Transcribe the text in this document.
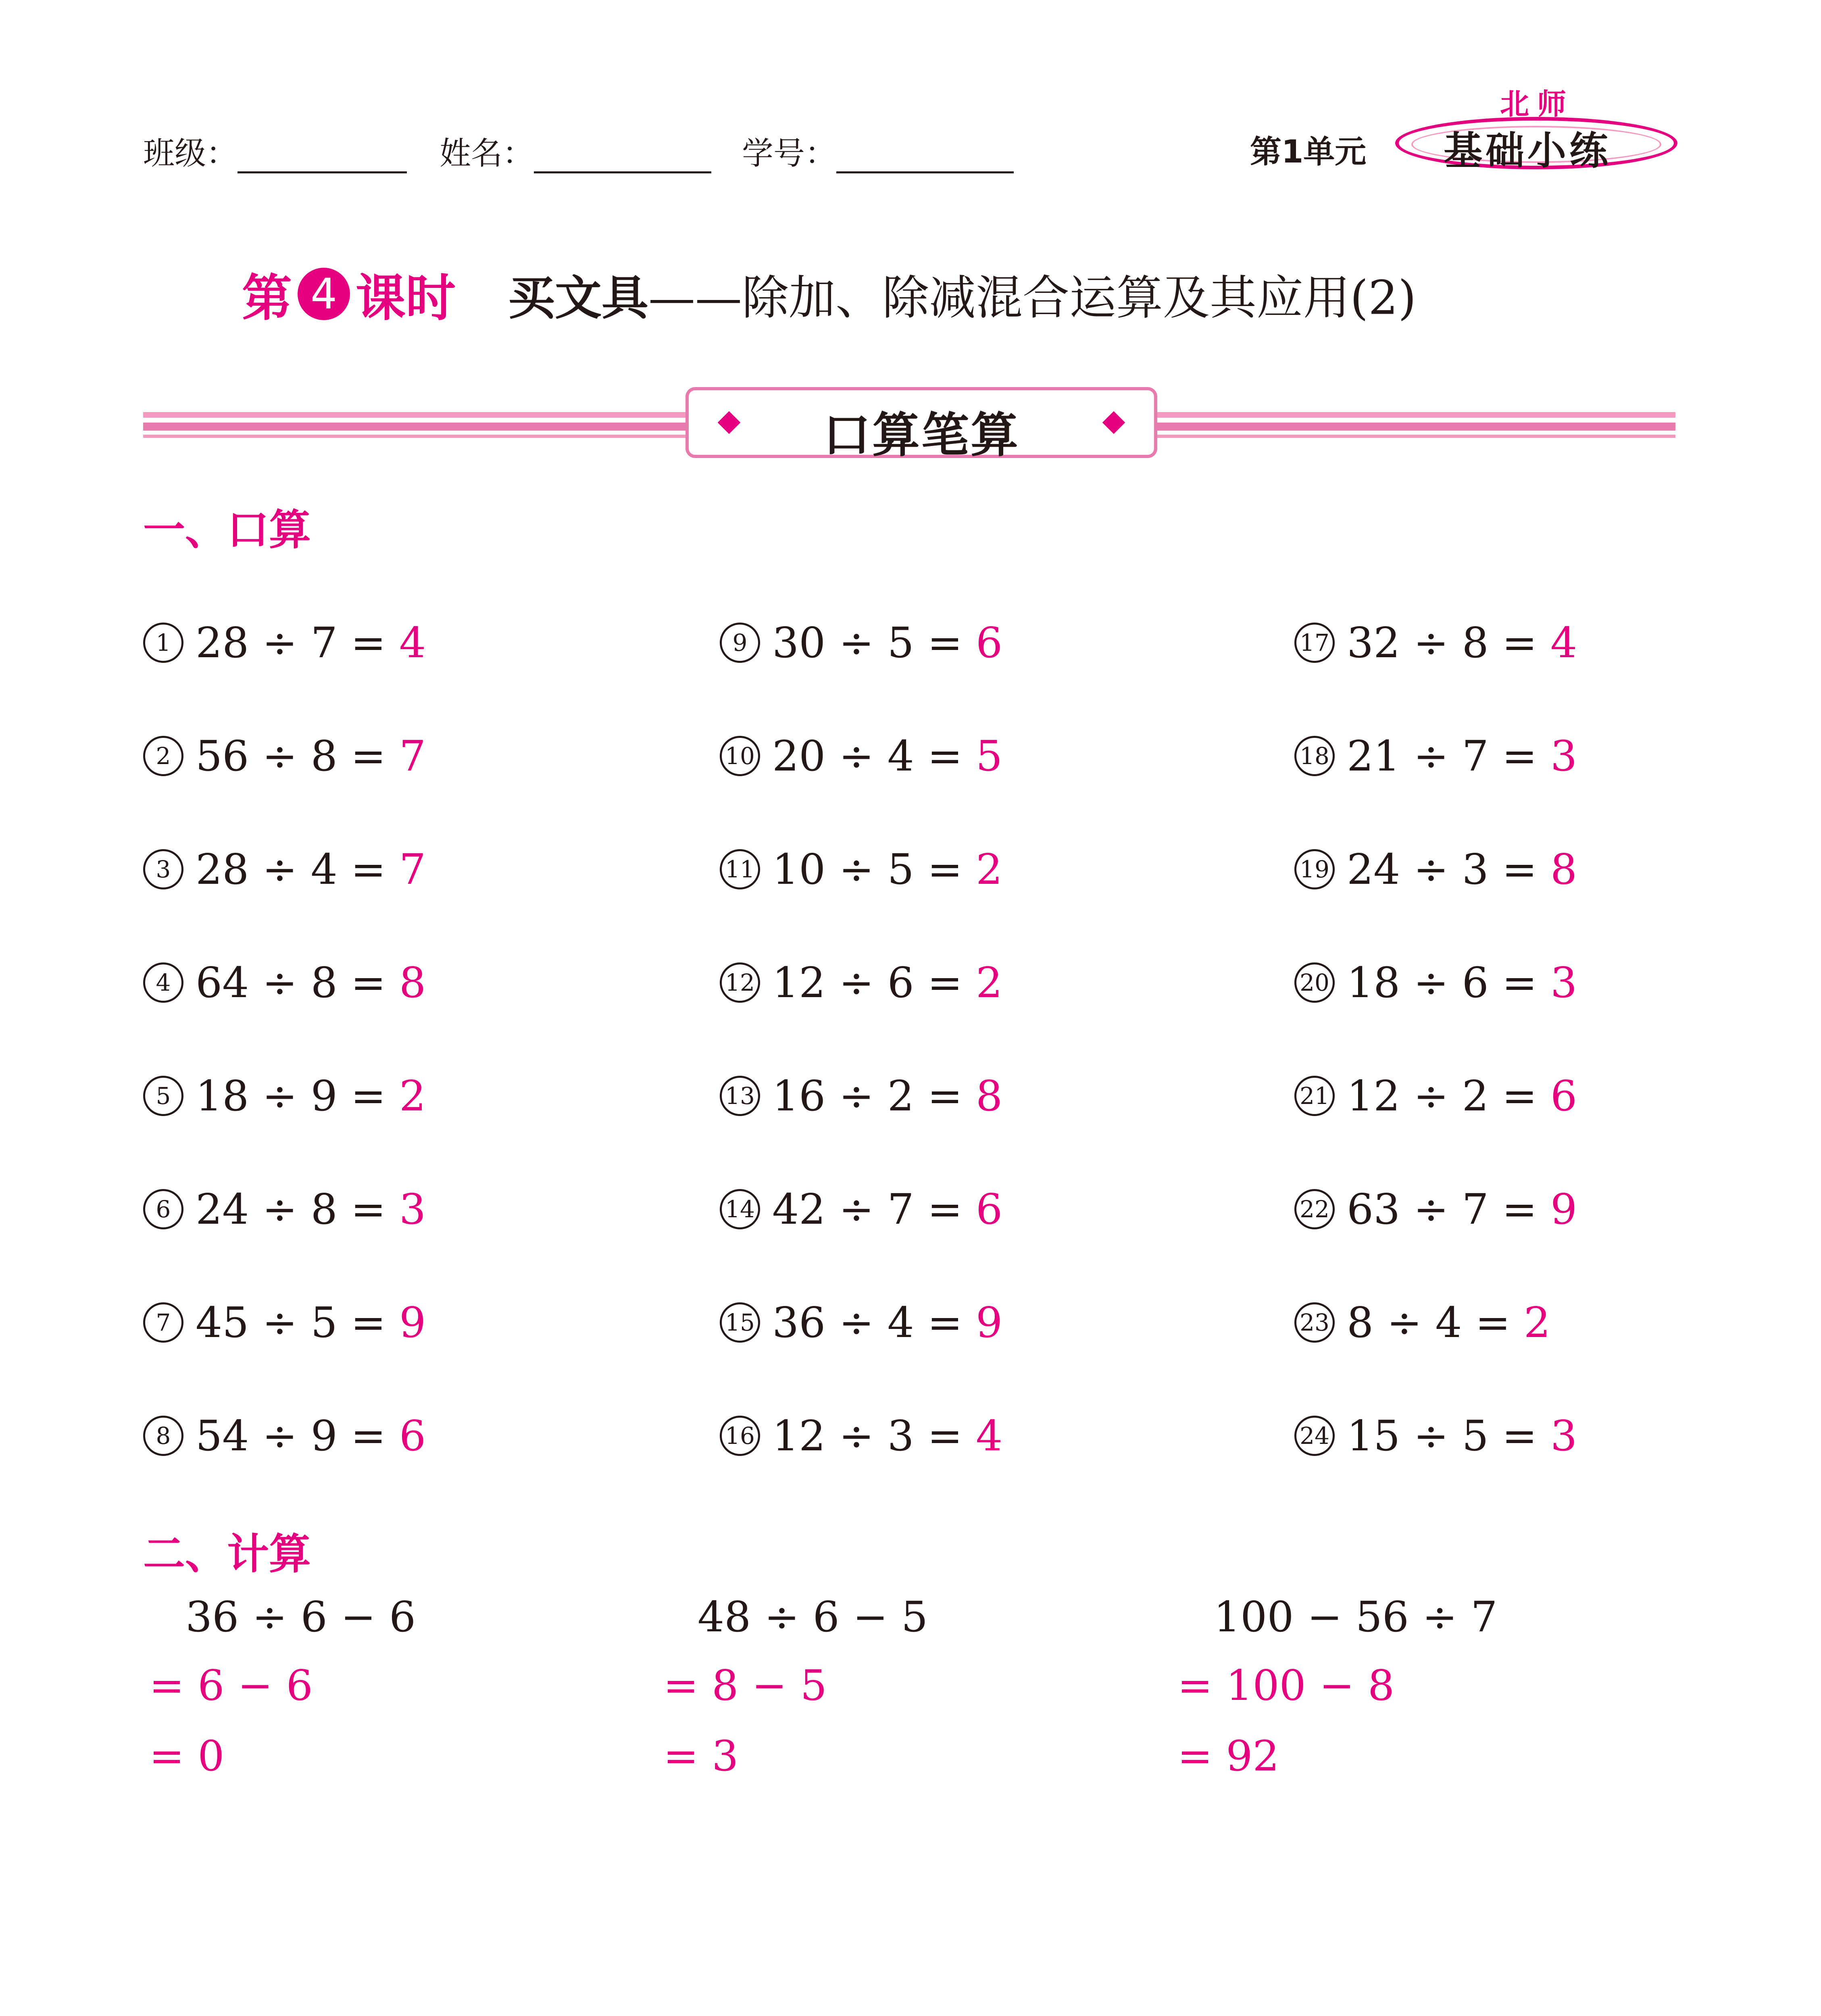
班级：	姓名：	学号：	第1单元
北师
基础小练
第 4 课时 买文具——除加、除减混合运算及其应用(2)
口算笔算
一、口算
1 28 ÷ 7 = 4
2 56 ÷ 8 = 7
3 28 ÷ 4 = 7
4 64 ÷ 8 = 8
5 18 ÷ 9 = 2
6 24 ÷ 8 = 3
7 45 ÷ 5 = 9
8 54 ÷ 9 = 6
9 30 ÷ 5 = 6
10 20 ÷ 4 = 5
11 10 ÷ 5 = 2
12 12 ÷ 6 = 2
13 16 ÷ 2 = 8
14 42 ÷ 7 = 6
15 36 ÷ 4 = 9
16 12 ÷ 3 = 4
17 32 ÷ 8 = 4
18 21 ÷ 7 = 3
19 24 ÷ 3 = 8
20 18 ÷ 6 = 3
21 12 ÷ 2 = 6
22 63 ÷ 7 = 9
23 8 ÷ 4 = 2
24 15 ÷ 5 = 3
二、计算
36 ÷ 6 − 6
= 6 − 6
= 0
48 ÷ 6 − 5
= 8 − 5
= 3
100 − 56 ÷ 7
= 100 − 8
= 92
